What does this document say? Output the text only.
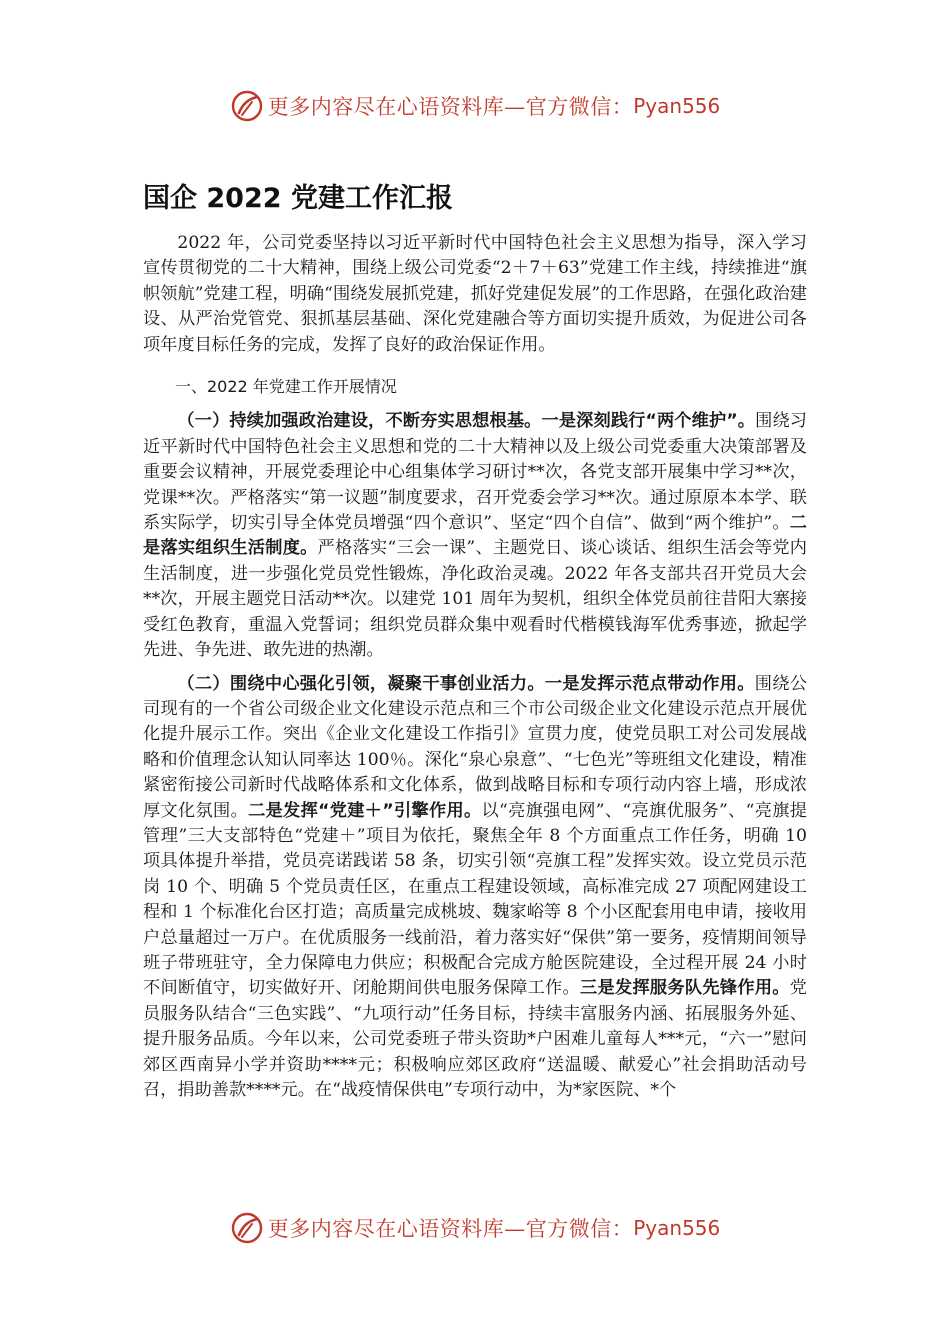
更多内容尽在心语资料库—官方微信： Pyan556
国企 2022 党建工作汇报

2022 年，公司党委坚持以习近平新时代中国特色社会主义思想为指导，深入学习宣传贯彻党的二十大精神，围绕上级公司党委“2＋7＋63”党建工作主线，持续推进“旗帜领航”党建工程，明确“围绕发展抓党建，抓好党建促发展”的工作思路，在强化政治建设、从严治党管党、狠抓基层基础、深化党建融合等方面切实提升质效，为促进公司各项年度目标任务的完成，发挥了良好的政治保证作用。

一、2022 年党建工作开展情况

（一）持续加强政治建设，不断夯实思想根基。一是深刻践行“两个维护”。围绕习近平新时代中国特色社会主义思想和党的二十大精神以及上级公司党委重大决策部署及重要会议精神，开展党委理论中心组集体学习研讨**次，各党支部开展集中学习**次，党课**次。严格落实“第一议题”制度要求，召开党委会学习**次。通过原原本本学、联系实际学，切实引导全体党员增强“四个意识”、坚定“四个自信”、做到“两个维护”。二是落实组织生活制度。严格落实“三会一课”、主题党日、谈心谈话、组织生活会等党内生活制度，进一步强化党员党性锻炼，净化政治灵魂。2022 年各支部共召开党员大会**次，开展主题党日活动**次。以建党 101 周年为契机，组织全体党员前往昔阳大寨接受红色教育，重温入党誓词；组织党员群众集中观看时代楷模钱海军优秀事迹，掀起学先进、争先进、敢先进的热潮。

（二）围绕中心强化引领，凝聚干事创业活力。一是发挥示范点带动作用。围绕公司现有的一个省公司级企业文化建设示范点和三个市公司级企业文化建设示范点开展优化提升展示工作。突出《企业文化建设工作指引》宣贯力度，使党员职工对公司发展战略和价值理念认知认同率达 100％。深化“泉心泉意”、“七色光”等班组文化建设，精准紧密衔接公司新时代战略体系和文化体系，做到战略目标和专项行动内容上墙，形成浓厚文化氛围。二是发挥“党建＋”引擎作用。以“亮旗强电网”、“亮旗优服务”、“亮旗提管理”三大支部特色“党建＋”项目为依托，聚焦全年 8 个方面重点工作任务，明确 10 项具体提升举措，党员亮诺践诺 58 条，切实引领“亮旗工程”发挥实效。设立党员示范岗 10 个、明确 5 个党员责任区，在重点工程建设领域，高标准完成 27 项配网建设工程和 1 个标准化台区打造；高质量完成桃坡、魏家峪等 8 个小区配套用电申请，接收用户总量超过一万户。在优质服务一线前沿，着力落实好“保供”第一要务，疫情期间领导班子带班驻守，全力保障电力供应；积极配合完成方舱医院建设，全过程开展 24 小时不间断值守，切实做好开、闭舱期间供电服务保障工作。三是发挥服务队先锋作用。党员服务队结合“三色实践”、“九项行动”任务目标，持续丰富服务内涵、拓展服务外延、提升服务品质。今年以来，公司党委班子带头资助*户困难儿童每人***元，“六一”慰问郊区西南异小学并资助****元；积极响应郊区政府“送温暖、献爱心”社会捐助活动号召，捐助善款****元。在“战疫情保供电”专项行动中，为*家医院、*个

更多内容尽在心语资料库—官方微信： Pyan556
